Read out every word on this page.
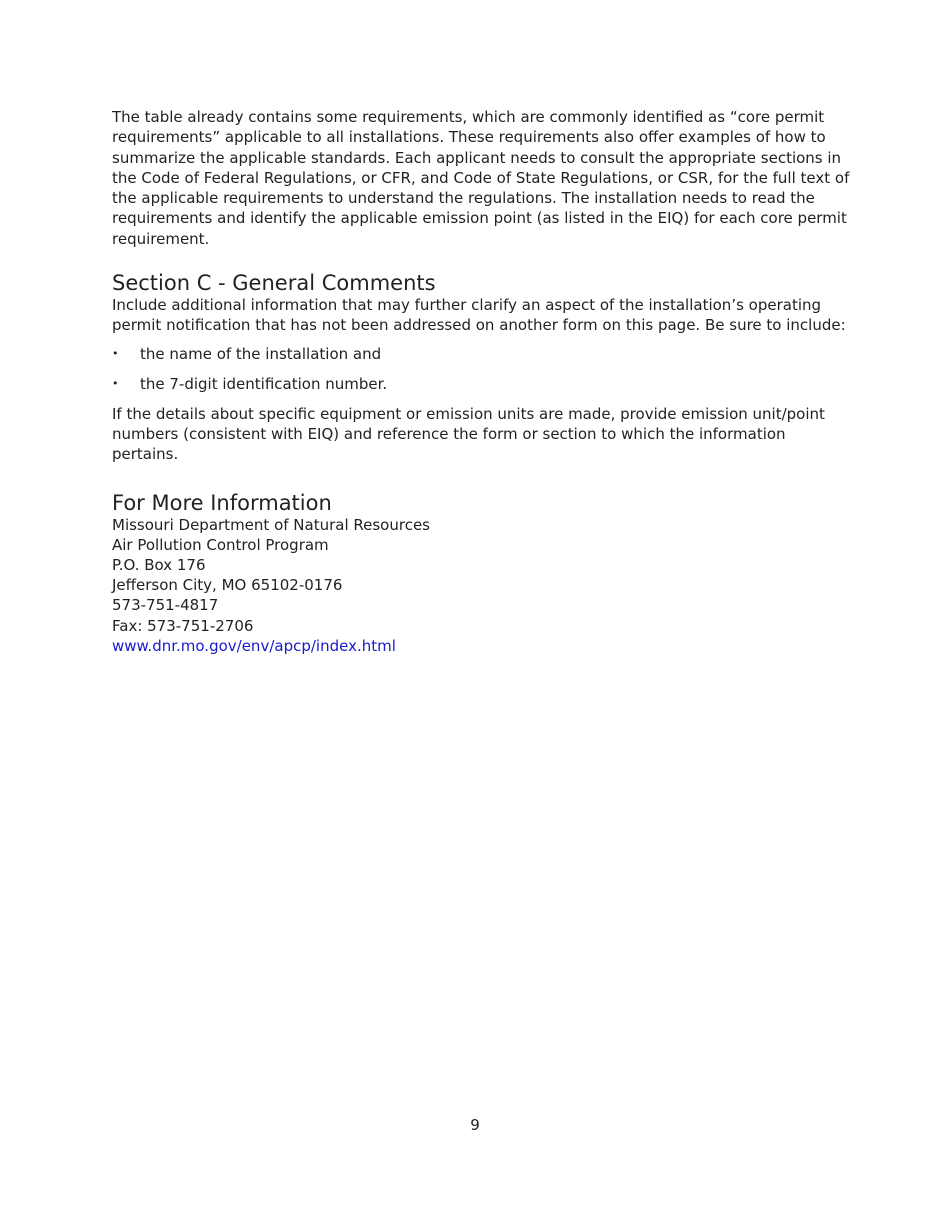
The table already contains some requirements, which are commonly identified as “core permit requirements” applicable to all installations. These requirements also offer examples of how to summarize the applicable standards. Each applicant needs to consult the appropriate sections in the Code of Federal Regulations, or CFR, and Code of State Regulations, or CSR, for the full text of the applicable requirements to understand the regulations. The installation needs to read the requirements and identify the applicable emission point (as listed in the EIQ) for each core permit requirement.

Section C - General Comments

Include additional information that may further clarify an aspect of the installation’s operating permit notification that has not been addressed on another form on this page. Be sure to include:

• the name of the installation and
• the 7-digit identification number.

If the details about specific equipment or emission units are made, provide emission unit/point numbers (consistent with EIQ) and reference the form or section to which the information pertains.

For More Information
Missouri Department of Natural Resources
Air Pollution Control Program
P.O. Box 176
Jefferson City, MO 65102-0176
573-751-4817
Fax: 573-751-2706
www.dnr.mo.gov/env/apcp/index.html
9
